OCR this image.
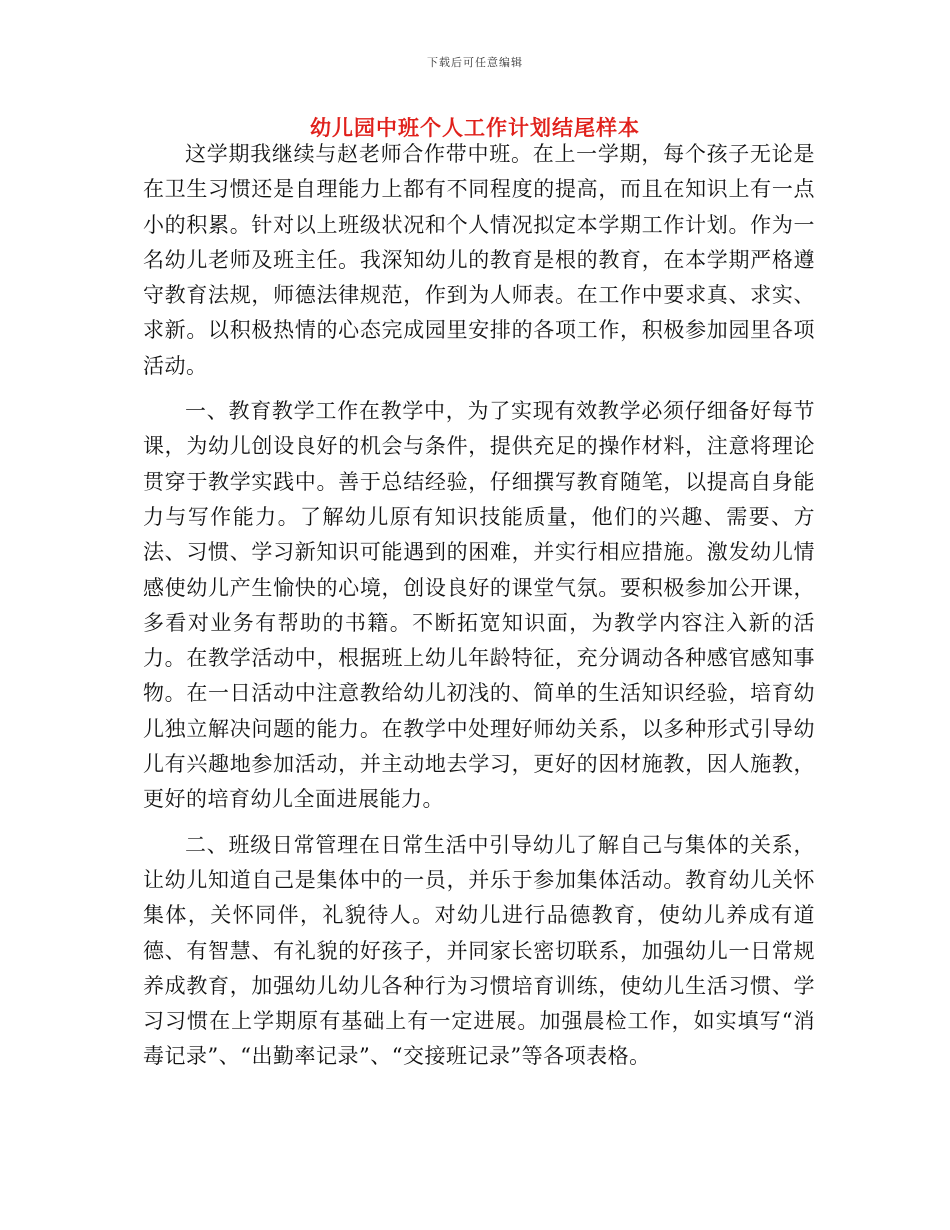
下载后可任意编辑
幼儿园中班个人工作计划结尾样本

这学期我继续与赵老师合作带中班。在上一学期，每个孩子无论是在卫生习惯还是自理能力上都有不同程度的提高，而且在知识上有一点小的积累。针对以上班级状况和个人情况拟定本学期工作计划。作为一名幼儿老师及班主任。我深知幼儿的教育是根的教育，在本学期严格遵守教育法规，师德法律规范，作到为人师表。在工作中要求真、求实、求新。以积极热情的心态完成园里安排的各项工作，积极参加园里各项活动。

一、教育教学工作在教学中，为了实现有效教学必须仔细备好每节课，为幼儿创设良好的机会与条件，提供充足的操作材料，注意将理论贯穿于教学实践中。善于总结经验，仔细撰写教育随笔，以提高自身能力与写作能力。了解幼儿原有知识技能质量，他们的兴趣、需要、方法、习惯、学习新知识可能遇到的困难，并实行相应措施。激发幼儿情感使幼儿产生愉快的心境，创设良好的课堂气氛。要积极参加公开课，多看对业务有帮助的书籍。不断拓宽知识面，为教学内容注入新的活力。在教学活动中，根据班上幼儿年龄特征，充分调动各种感官感知事物。在一日活动中注意教给幼儿初浅的、简单的生活知识经验，培育幼儿独立解决问题的能力。在教学中处理好师幼关系，以多种形式引导幼儿有兴趣地参加活动，并主动地去学习，更好的因材施教，因人施教，更好的培育幼儿全面进展能力。

二、班级日常管理在日常生活中引导幼儿了解自己与集体的关系，让幼儿知道自己是集体中的一员，并乐于参加集体活动。教育幼儿关怀集体，关怀同伴，礼貌待人。对幼儿进行品德教育，使幼儿养成有道德、有智慧、有礼貌的好孩子，并同家长密切联系，加强幼儿一日常规养成教育，加强幼儿幼儿各种行为习惯培育训练，使幼儿生活习惯、学习习惯在上学期原有基础上有一定进展。加强晨检工作，如实填写“消毒记录”、“出勤率记录”、“交接班记录”等各项表格。
